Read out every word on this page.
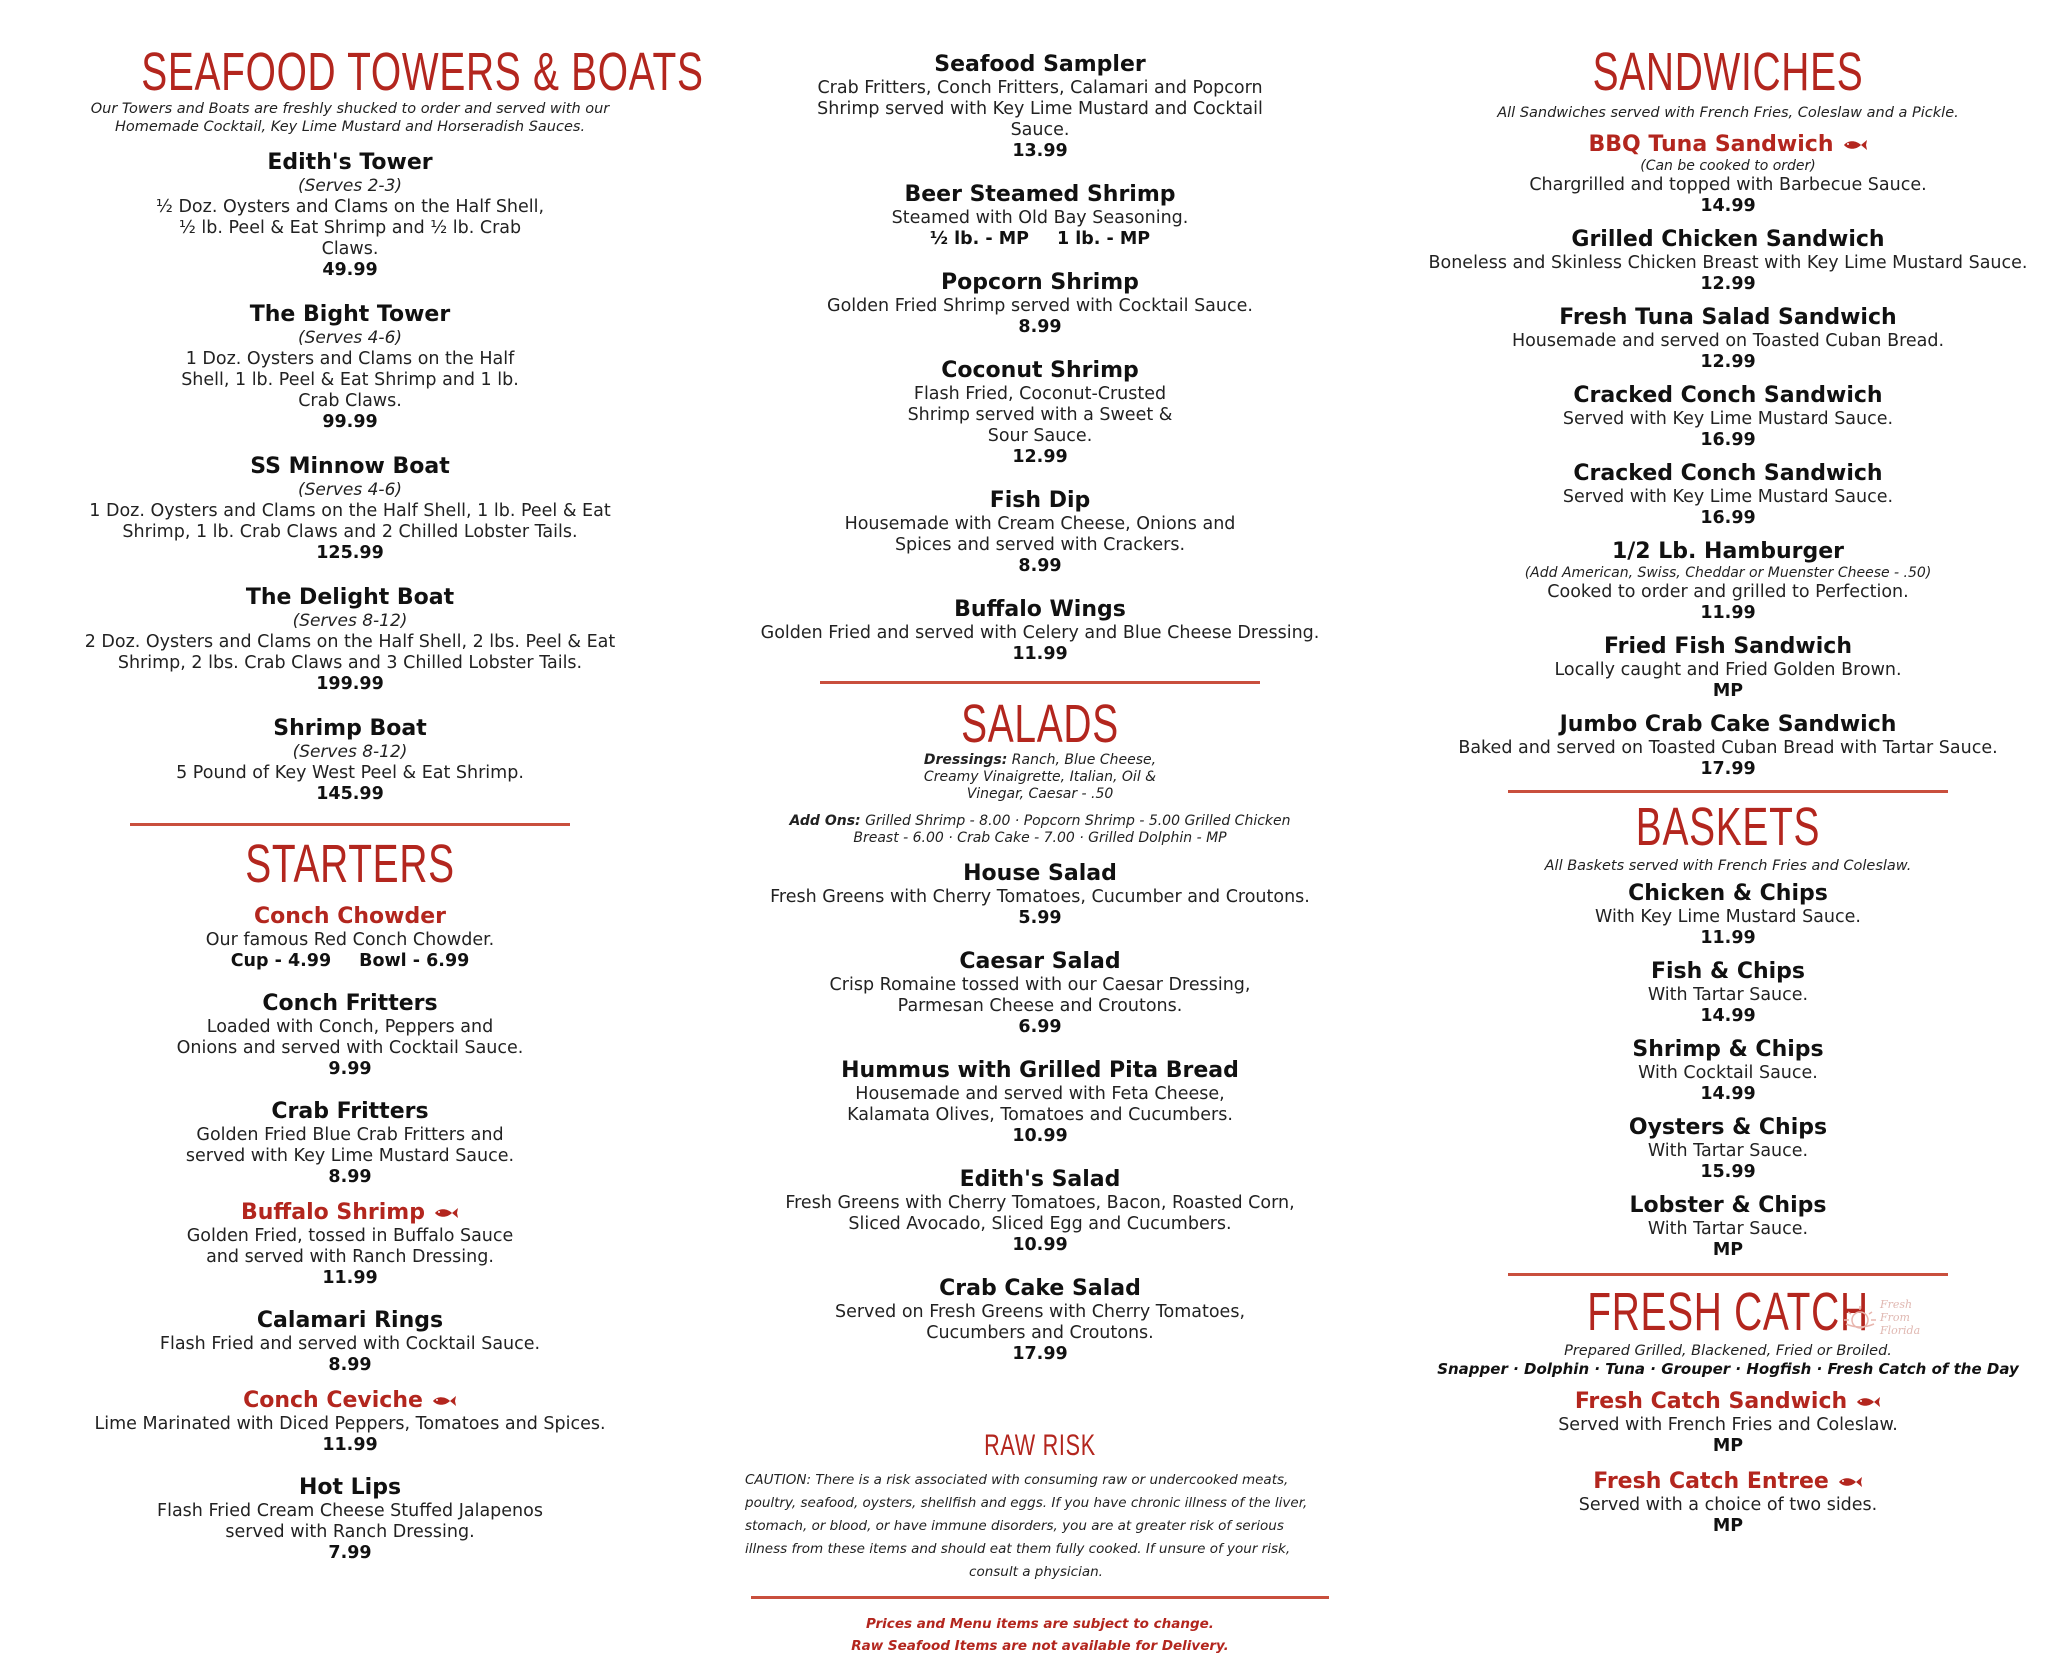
SEAFOOD TOWERS & BOATS
Our Towers and Boats are freshly shucked to order and served with our Homemade Cocktail, Key Lime Mustard and Horseradish Sauces.
Edith's Tower
(Serves 2-3)
½ Doz. Oysters and Clams on the Half Shell, ½ lb. Peel & Eat Shrimp and ½ lb. Crab Claws.
49.99
The Bight Tower
(Serves 4-6)
1 Doz. Oysters and Clams on the Half Shell, 1 lb. Peel & Eat Shrimp and 1 lb. Crab Claws.
99.99
SS Minnow Boat
(Serves 4-6)
1 Doz. Oysters and Clams on the Half Shell, 1 lb. Peel & Eat Shrimp, 1 lb. Crab Claws and 2 Chilled Lobster Tails.
125.99
The Delight Boat
(Serves 8-12)
2 Doz. Oysters and Clams on the Half Shell, 2 lbs. Peel & Eat Shrimp, 2 lbs. Crab Claws and 3 Chilled Lobster Tails.
199.99
Shrimp Boat
(Serves 8-12)
5 Pound of Key West Peel & Eat Shrimp.
145.99
STARTERS
Conch Chowder
Our famous Red Conch Chowder.
Cup - 4.99 Bowl - 6.99
Conch Fritters
Loaded with Conch, Peppers and Onions and served with Cocktail Sauce.
9.99
Crab Fritters
Golden Fried Blue Crab Fritters and served with Key Lime Mustard Sauce.
8.99
Buffalo Shrimp
Golden Fried, tossed in Buffalo Sauce and served with Ranch Dressing.
11.99
Calamari Rings
Flash Fried and served with Cocktail Sauce.
8.99
Conch Ceviche
Lime Marinated with Diced Peppers, Tomatoes and Spices.
11.99
Hot Lips
Flash Fried Cream Cheese Stuffed Jalapenos served with Ranch Dressing.
7.99
Seafood Sampler
Crab Fritters, Conch Fritters, Calamari and Popcorn Shrimp served with Key Lime Mustard and Cocktail Sauce.
13.99
Beer Steamed Shrimp
Steamed with Old Bay Seasoning.
½ lb. - MP 1 lb. - MP
Popcorn Shrimp
Golden Fried Shrimp served with Cocktail Sauce.
8.99
Coconut Shrimp
Flash Fried, Coconut-Crusted Shrimp served with a Sweet & Sour Sauce.
12.99
Fish Dip
Housemade with Cream Cheese, Onions and Spices and served with Crackers.
8.99
Buffalo Wings
Golden Fried and served with Celery and Blue Cheese Dressing.
11.99
SALADS
Dressings: Ranch, Blue Cheese, Creamy Vinaigrette, Italian, Oil & Vinegar, Caesar - .50
Add Ons: Grilled Shrimp - 8.00 · Popcorn Shrimp - 5.00 Grilled Chicken Breast - 6.00 · Crab Cake - 7.00 · Grilled Dolphin - MP
House Salad
Fresh Greens with Cherry Tomatoes, Cucumber and Croutons.
5.99
Caesar Salad
Crisp Romaine tossed with our Caesar Dressing, Parmesan Cheese and Croutons.
6.99
Hummus with Grilled Pita Bread
Housemade and served with Feta Cheese, Kalamata Olives, Tomatoes and Cucumbers.
10.99
Edith's Salad
Fresh Greens with Cherry Tomatoes, Bacon, Roasted Corn, Sliced Avocado, Sliced Egg and Cucumbers.
10.99
Crab Cake Salad
Served on Fresh Greens with Cherry Tomatoes, Cucumbers and Croutons.
17.99
RAW RISK
CAUTION: There is a risk associated with consuming raw or undercooked meats, poultry, seafood, oysters, shellfish and eggs. If you have chronic illness of the liver, stomach, or blood, or have immune disorders, you are at greater risk of serious illness from these items and should eat them fully cooked. If unsure of your risk, consult a physician.
Prices and Menu items are subject to change.
Raw Seafood Items are not available for Delivery.
SANDWICHES
All Sandwiches served with French Fries, Coleslaw and a Pickle.
BBQ Tuna Sandwich
(Can be cooked to order)
Chargrilled and topped with Barbecue Sauce.
14.99
Grilled Chicken Sandwich
Boneless and Skinless Chicken Breast with Key Lime Mustard Sauce.
12.99
Fresh Tuna Salad Sandwich
Housemade and served on Toasted Cuban Bread.
12.99
Cracked Conch Sandwich
Served with Key Lime Mustard Sauce.
16.99
Cracked Conch Sandwich
Served with Key Lime Mustard Sauce.
16.99
1/2 Lb. Hamburger
(Add American, Swiss, Cheddar or Muenster Cheese - .50)
Cooked to order and grilled to Perfection.
11.99
Fried Fish Sandwich
Locally caught and Fried Golden Brown.
MP
Jumbo Crab Cake Sandwich
Baked and served on Toasted Cuban Bread with Tartar Sauce.
17.99
BASKETS
All Baskets served with French Fries and Coleslaw.
Chicken & Chips
With Key Lime Mustard Sauce.
11.99
Fish & Chips
With Tartar Sauce.
14.99
Shrimp & Chips
With Cocktail Sauce.
14.99
Oysters & Chips
With Tartar Sauce.
15.99
Lobster & Chips
With Tartar Sauce.
MP
FRESH CATCH	Fresh
From Florida
Prepared Grilled, Blackened, Fried or Broiled.
Snapper · Dolphin · Tuna · Grouper · Hogfish · Fresh Catch of the Day
Fresh Catch Sandwich
Served with French Fries and Coleslaw.
MP
Fresh Catch Entree
Served with a choice of two sides.
MP
